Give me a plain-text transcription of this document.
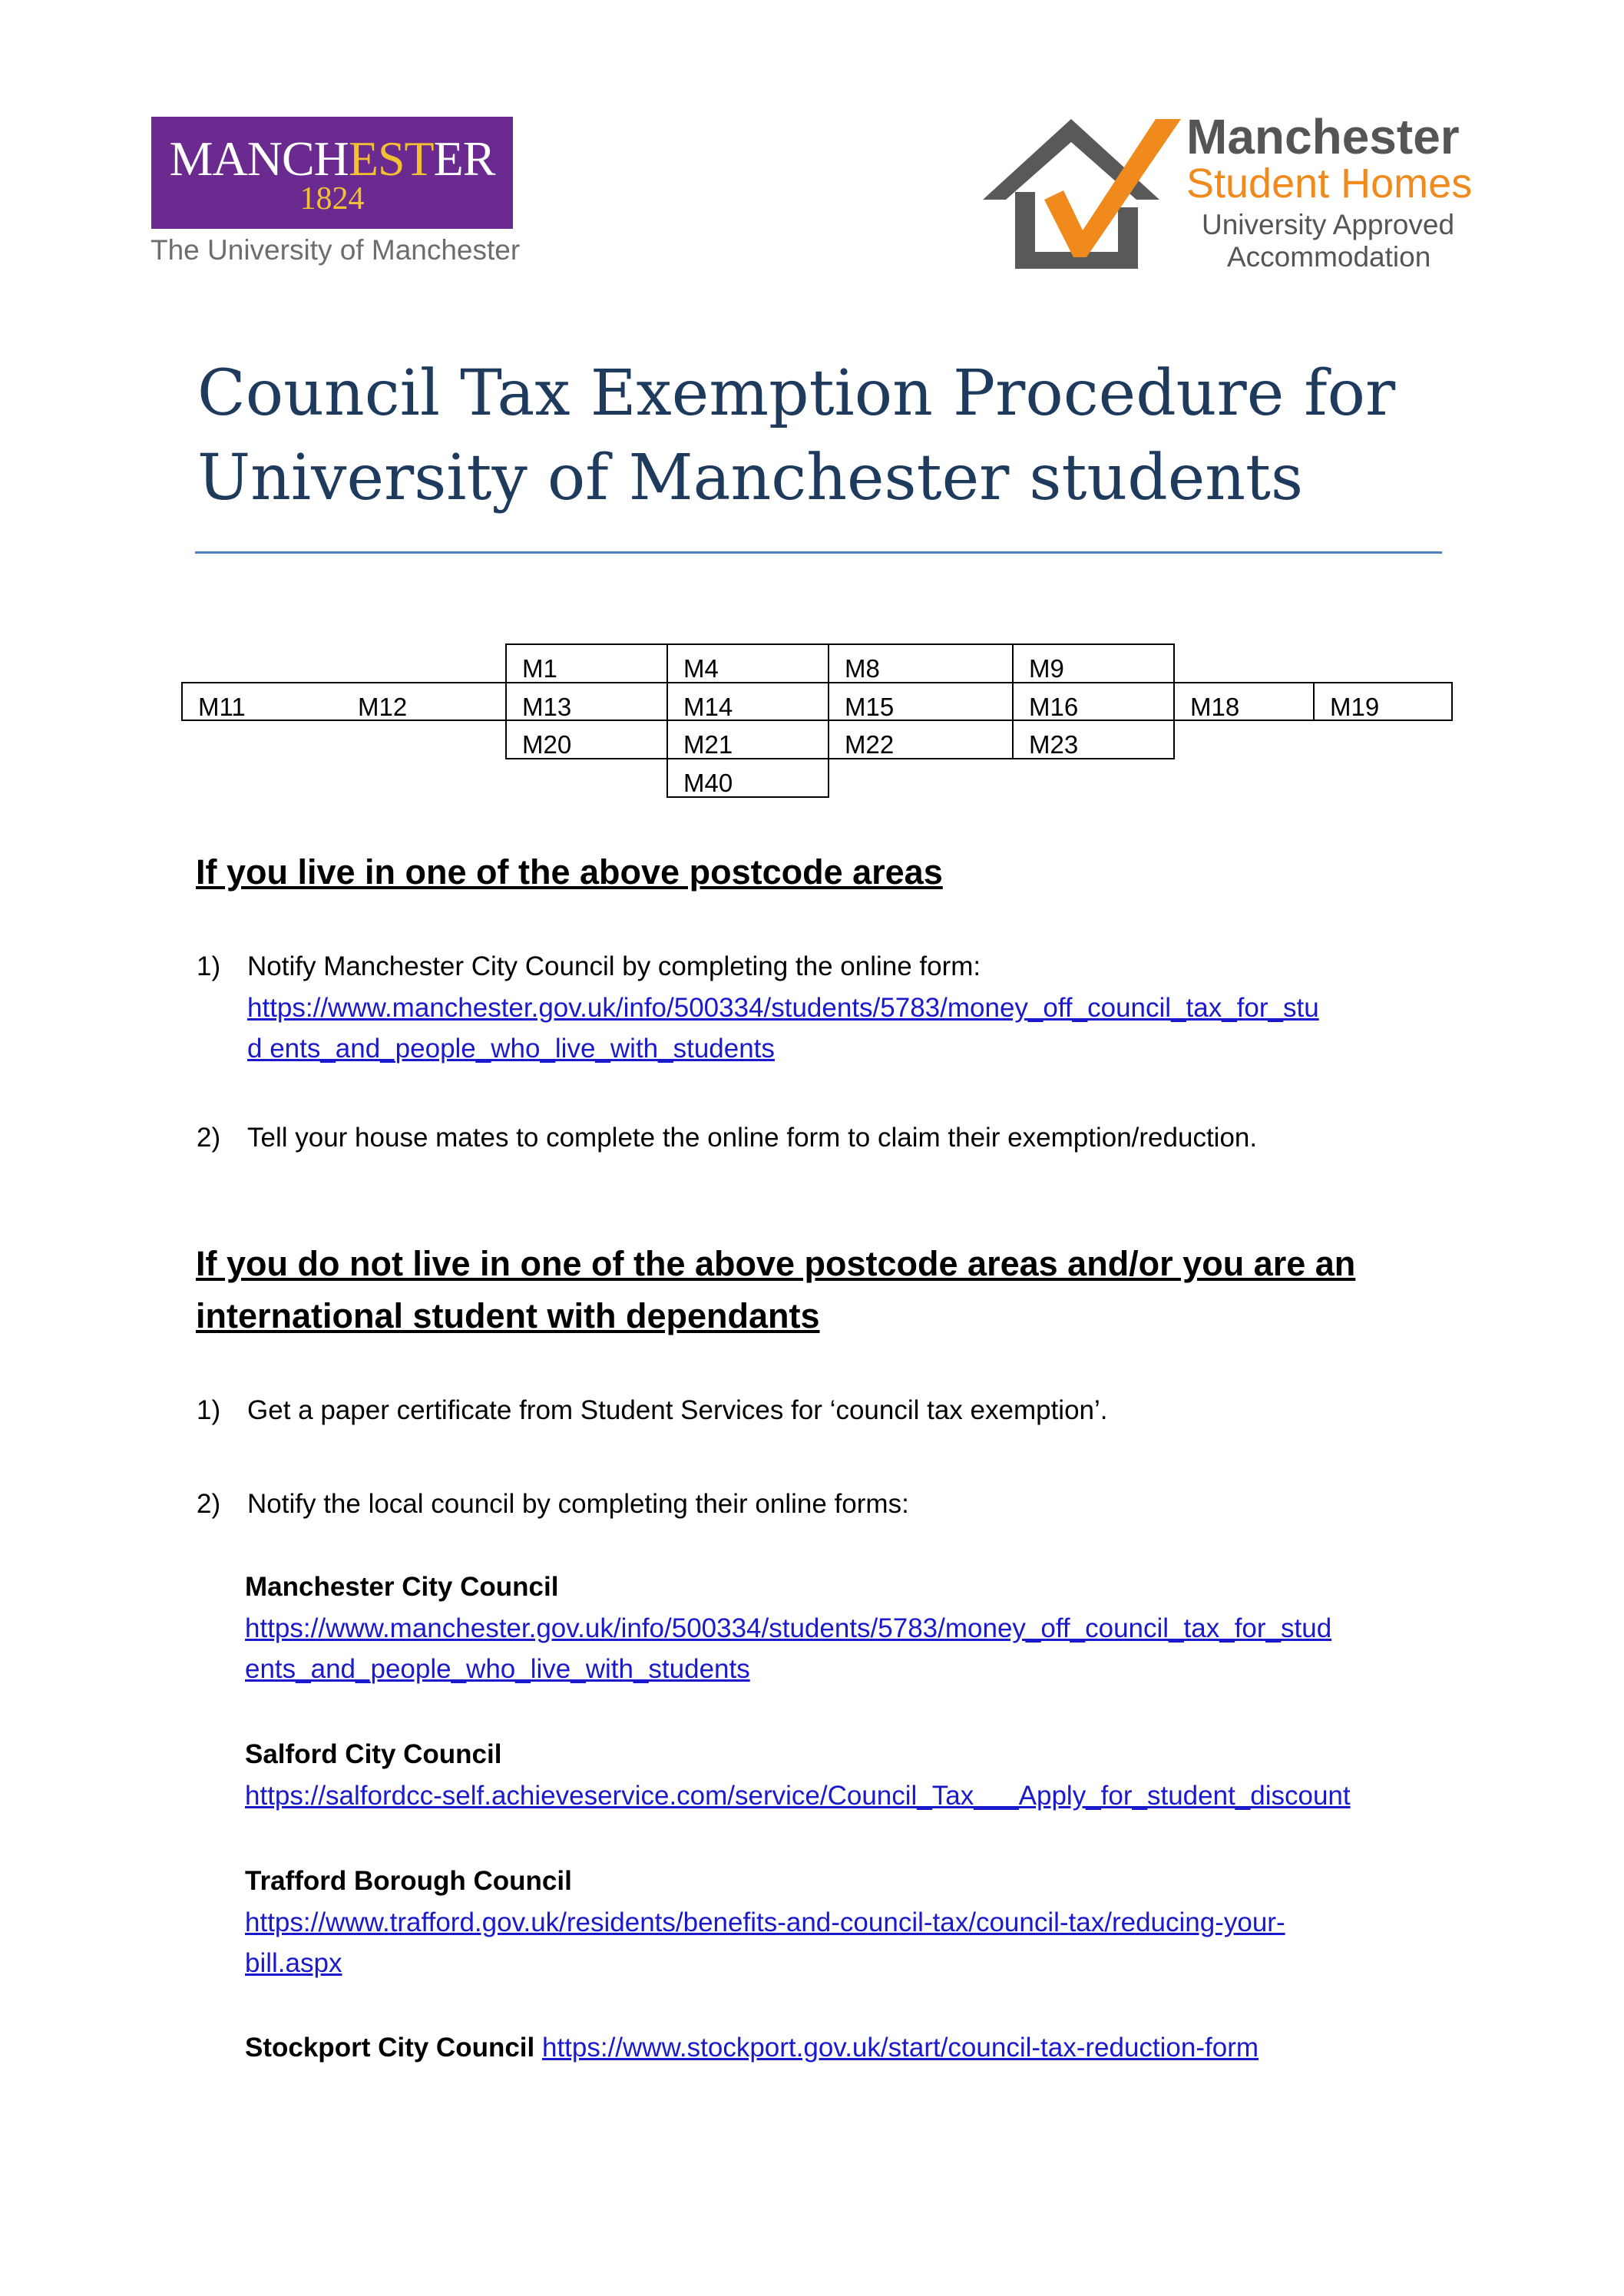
MANCHESTER
1824
The University of Manchester
Manchester
Student Homes
University Approved
Accommodation
Council Tax Exemption Procedure for
University of Manchester students
M1	M4	M8	M9
M11	M12	M13	M14	M15	M16	M18	M19
M20	M21	M22	M23
M40
If you live in one of the above postcode areas
1) Notify Manchester City Council by completing the online form:
https://www.manchester.gov.uk/info/500334/students/5783/money_off_council_tax_for_stu
d ents_and_people_who_live_with_students
2) Tell your house mates to complete the online form to claim their exemption/reduction.
If you do not live in one of the above postcode areas and/or you are an
international student with dependants
1) Get a paper certificate from Student Services for ‘council tax exemption’.
2) Notify the local council by completing their online forms:
Manchester City Council
https://www.manchester.gov.uk/info/500334/students/5783/money_off_council_tax_for_stud
ents_and_people_who_live_with_students
Salford City Council
https://salfordcc-self.achieveservice.com/service/Council_Tax___Apply_for_student_discount
Trafford Borough Council
https://www.trafford.gov.uk/residents/benefits-and-council-tax/council-tax/reducing-your-
bill.aspx
Stockport City Council https://www.stockport.gov.uk/start/council-tax-reduction-form
